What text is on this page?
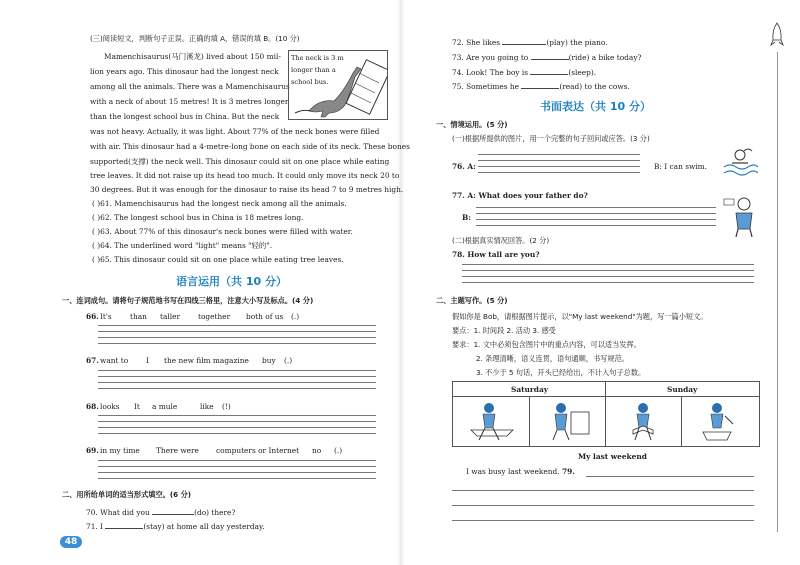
(三)阅读短文，判断句子正误。正确的填 A，错误的填 B。(10 分)
Mamenchisaurus(马门溪龙) lived about 150 mil-
lion years ago. This dinosaur had the longest neck
among all the animals. There was a Mamenchisaurus
with a neck of about 15 metres! It is 3 metres longer
than the longest school bus in China. But the neck
was not heavy. Actually, it was light. About 77% of the neck bones were filled
with air. This dinosaur had a 4-metre-long bone on each side of its neck. These bones
supported(支撑) the neck well. This dinosaur could sit on one place while eating
tree leaves. It did not raise up its head too much. It could only move its neck 20 to
30 degrees. But it was enough for the dinosaur to raise its head 7 to 9 metres high.
The neck is 3 m
longer than a
school bus.
( )61. Mamenchisaurus had the longest neck among all the animals.
( )62. The longest school bus in China is 18 metres long.
( )63. About 77% of this dinosaur's neck bones were filled with water.
( )64. The underlined word "light" means "轻的".
( )65. This dinosaur could sit on one place while eating tree leaves.
语言运用（共 10 分）
一、连词成句。请将句子规范地书写在四线三格里，注意大小写及标点。(4 分)
66. It's than taller together both of us (.)
67. want to I the new film magazine buy (.)
68. looks It a mule	like (!)
69. in my time There were computers or Internet no (.)
二、用所给单词的适当形式填空。(6 分)
70. What did you	(do) there?
71. I	(stay) at home all day yesterday.
48
72. She likes	(play) the piano.
73. Are you going to	(ride) a bike today?
74. Look! The boy is	(sleep).
75. Sometimes he	(read) to the cows.
书面表达（共 10 分）
一、情境运用。(5 分)
(一)根据所提供的图片，用一个完整的句子回问或应答。(3 分)
76. A:	B: I can swim.
77. A: What does your father do?
B:
(二)根据真实情况回答。(2 分)
78. How tall are you?
二、主题写作。(5 分)
假如你是 Bob，请根据图片提示，以"My last weekend"为题，写一篇小短文。
要点：1. 时间段 2. 活动 3. 感受
要求：1. 文中必须包含图片中的重点内容，可以适当发挥。
2. 条理清晰，语义连贯，语句通顺，书写规范。
3. 不少于 5 句话，开头已经给出，不计入句子总数。
Saturday	Sunday
My last weekend
I was busy last weekend. 79.
